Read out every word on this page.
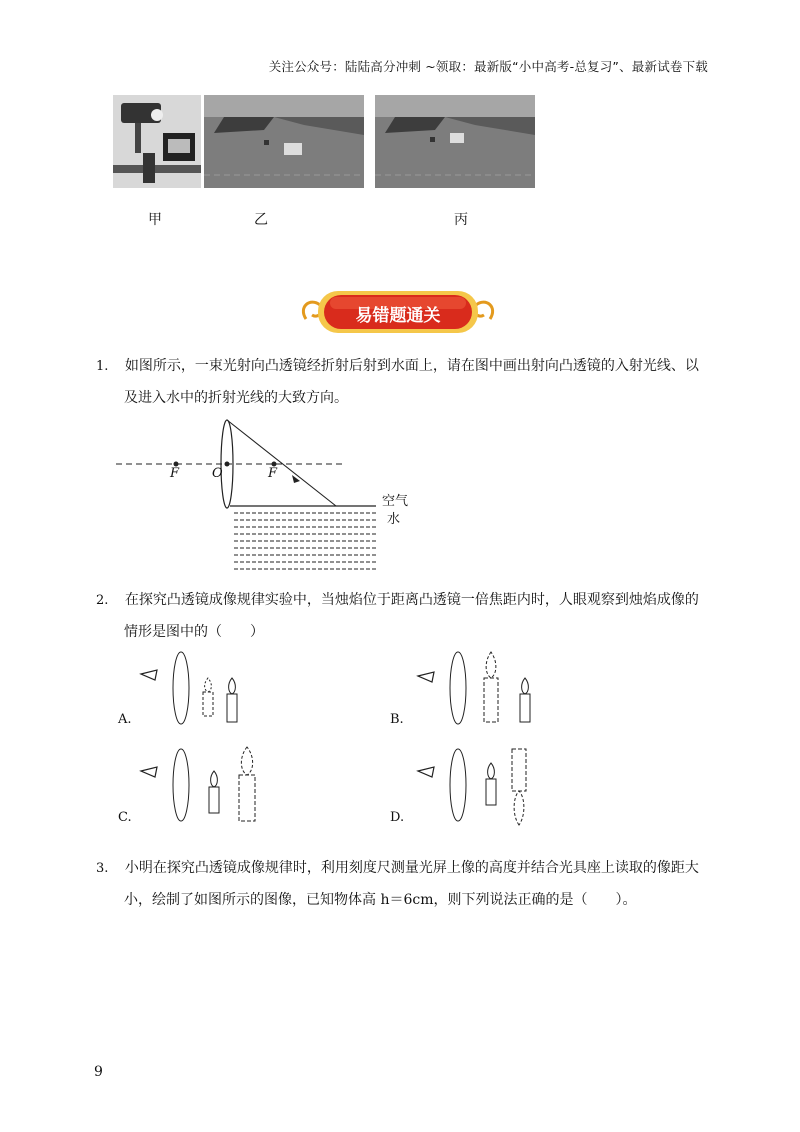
关注公众号：陆陆高分冲刺 ~领取：最新版“小中高考-总复习”、最新试卷下载
甲	乙	丙
易错题通关
1. 如图所示，一束光射向凸透镜经折射后射到水面上，请在图中画出射向凸透镜的入射光线、以
及进入水中的折射光线的大致方向。
F	O	F
空气
水
2. 在探究凸透镜成像规律实验中，当烛焰位于距离凸透镜一倍焦距内时，人眼观察到烛焰成像的
情形是图中的（　　）
A.	B.
C.	D.
3. 小明在探究凸透镜成像规律时，利用刻度尺测量光屏上像的高度并结合光具座上读取的像距大
小，绘制了如图所示的图像，已知物体高 h＝6cm，则下列说法正确的是（　　）。
9
